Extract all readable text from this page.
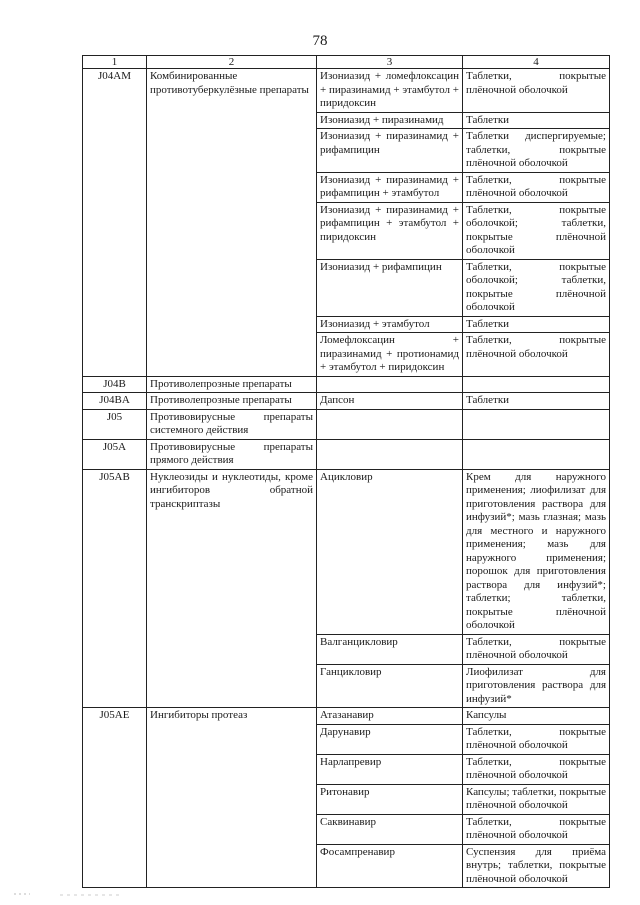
78
1	2	3	4
J04AM	Комбинированные противотуберкулёзные препараты	Изониазид + ломефлоксацин + пиразинамид + этамбутол + пиридоксин	Таблетки, покрытые плёночной оболочкой
		Изониазид + пиразинамид	Таблетки
		Изониазид + пиразинамид + рифампицин	Таблетки диспергируемые; таблетки, покрытые плёночной оболочкой
		Изониазид + пиразинамид + рифампицин + этамбутол	Таблетки, покрытые плёночной оболочкой
		Изониазид + пиразинамид + рифампицин + этамбутол + пиридоксин	Таблетки, покрытые оболочкой; таблетки, покрытые плёночной оболочкой
		Изониазид + рифампицин	Таблетки, покрытые оболочкой; таблетки, покрытые плёночной оболочкой
		Изониазид + этамбутол	Таблетки
		Ломефлоксацин + пиразинамид + протионамид + этамбутол + пиридоксин	Таблетки, покрытые плёночной оболочкой
J04B	Противолепрозные препараты		
J04BA	Противолепрозные препараты	Дапсон	Таблетки
J05	Противовирусные препараты системного действия		
J05A	Противовирусные препараты прямого действия		
J05AB	Нуклеозиды и нуклеотиды, кроме ингибиторов обратной транскриптазы	Ацикловир	Крем для наружного применения; лиофилизат для приготовления раствора для инфузий*; мазь глазная; мазь для местного и наружного применения; мазь для наружного применения; порошок для приготовления раствора для инфузий*; таблетки; таблетки, покрытые плёночной оболочкой
		Валганцикловир	Таблетки, покрытые плёночной оболочкой
		Ганцикловир	Лиофилизат для приготовления раствора для инфузий*
J05AE	Ингибиторы протеаз	Атазанавир	Капсулы
		Дарунавир	Таблетки, покрытые плёночной оболочкой
		Нарлапревир	Таблетки, покрытые плёночной оболочкой
		Ритонавир	Капсулы; таблетки, покрытые плёночной оболочкой
		Саквинавир	Таблетки, покрытые плёночной оболочкой
		Фосампренавир	Суспензия для приёма внутрь; таблетки, покрытые плёночной оболочкой
